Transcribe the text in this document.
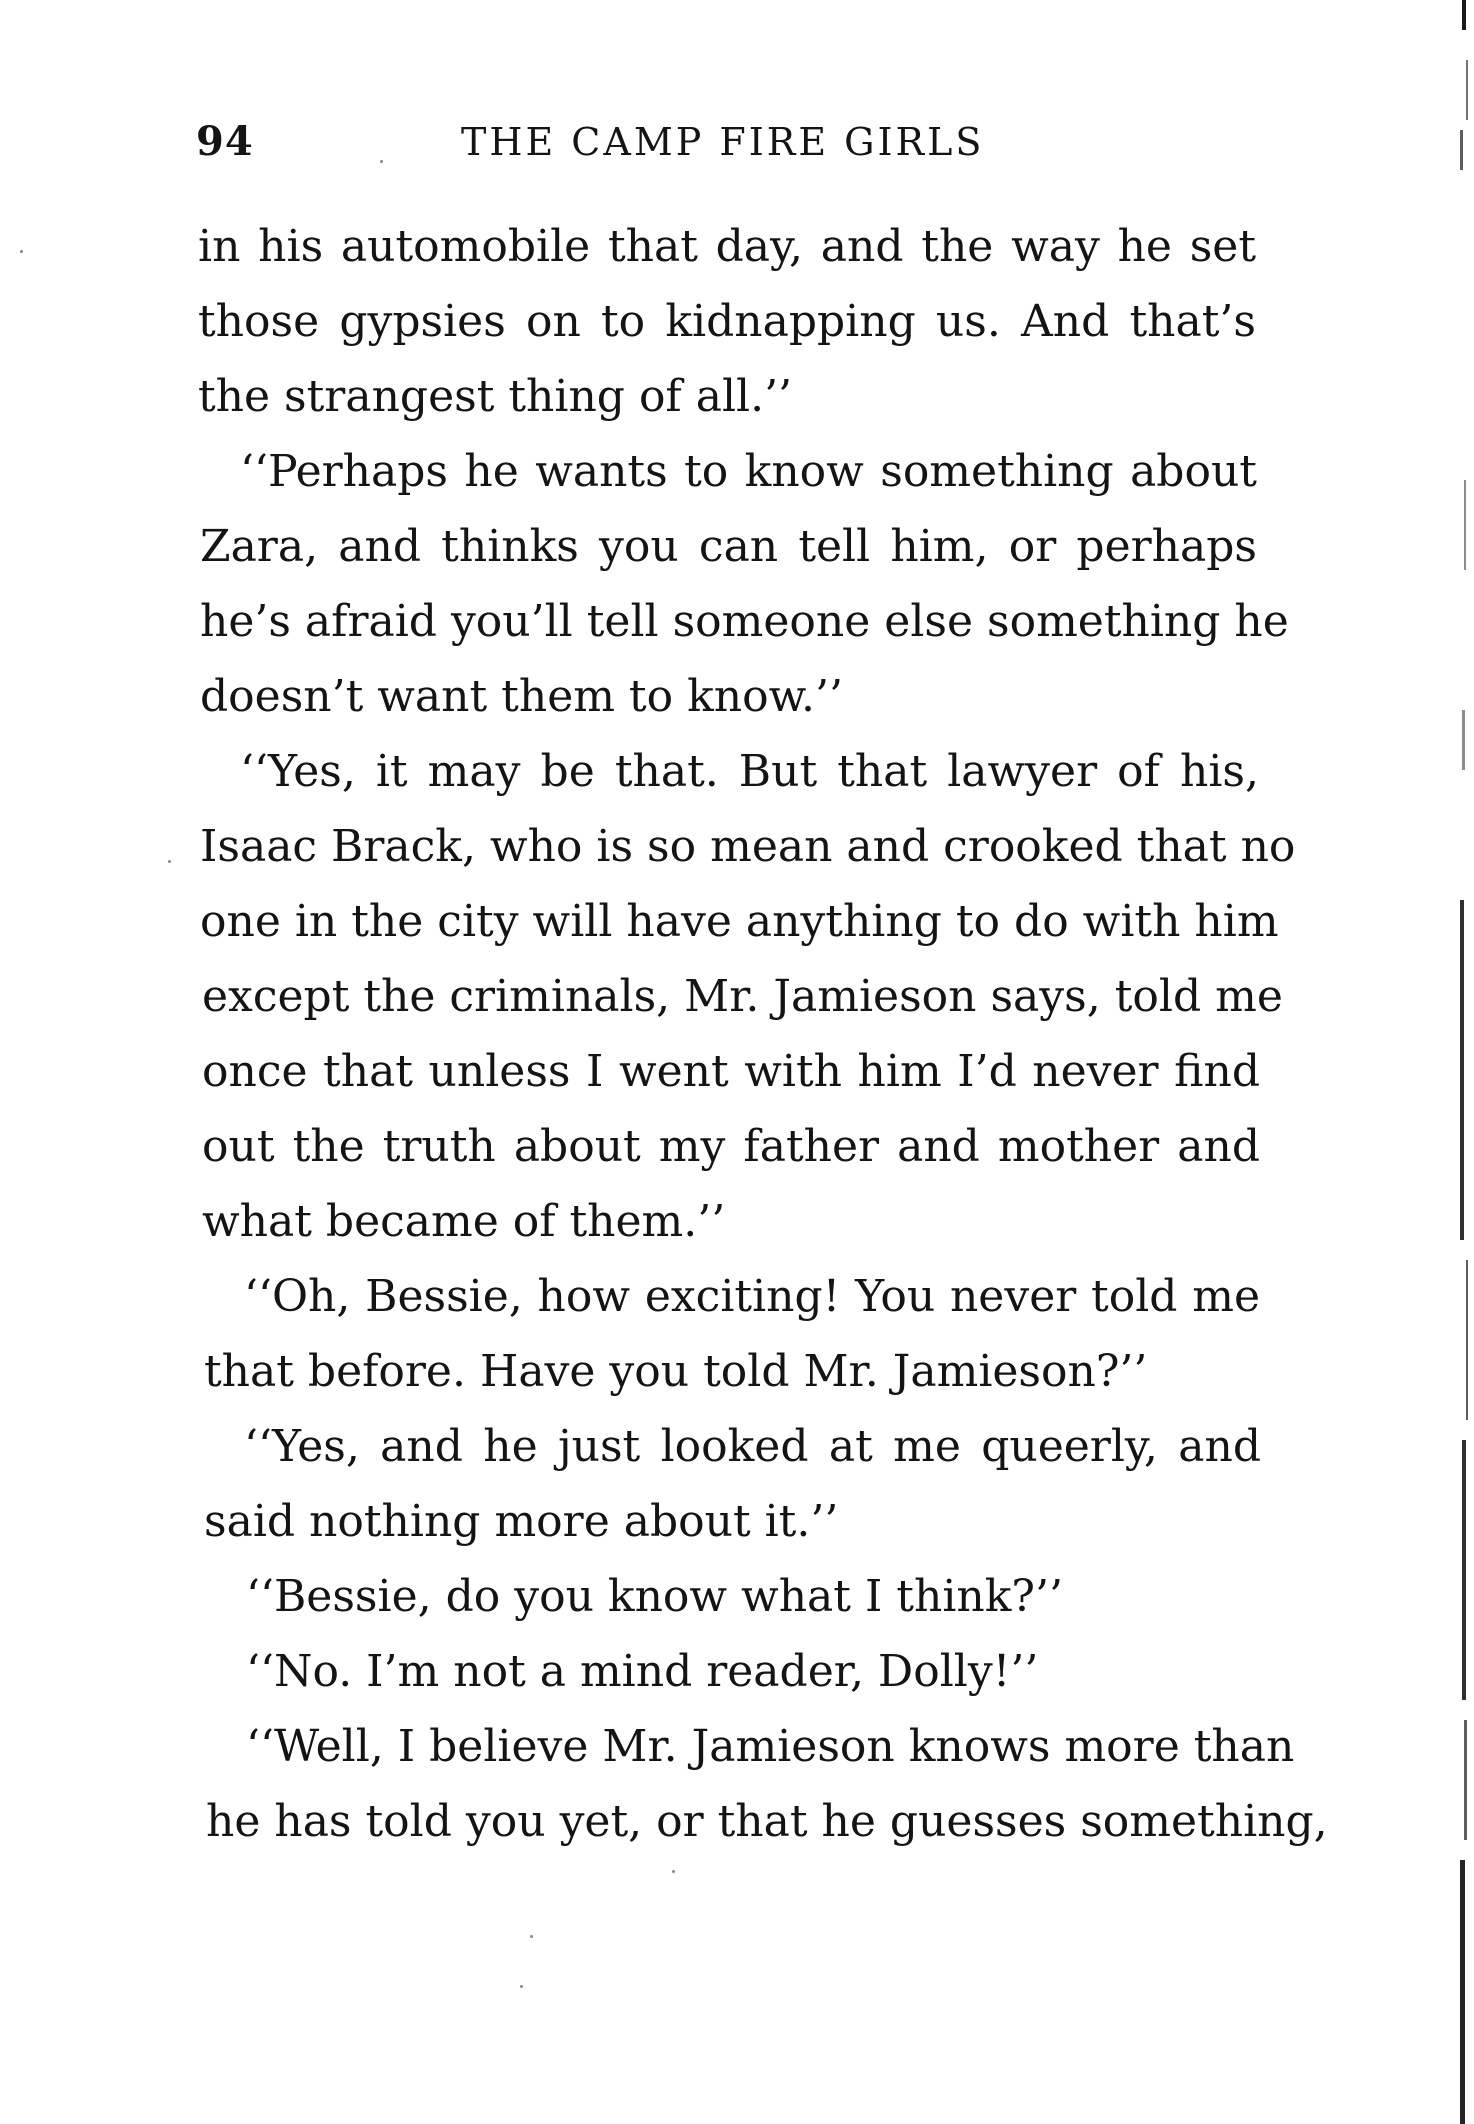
94	THE CAMP FIRE GIRLS
in his automobile that day, and the way he set
those gypsies on to kidnapping us. And that’s
the strangest thing of all.’’
‘‘Perhaps he wants to know something about
Zara, and thinks you can tell him, or perhaps
he’s afraid you’ll tell someone else something he
doesn’t want them to know.’’
‘‘Yes, it may be that. But that lawyer of his,
Isaac Brack, who is so mean and crooked that no
one in the city will have anything to do with him
except the criminals, Mr. Jamieson says, told me
once that unless I went with him I’d never find
out the truth about my father and mother and
what became of them.’’
‘‘Oh, Bessie, how exciting! You never told me
that before. Have you told Mr. Jamieson?’’
‘‘Yes, and he just looked at me queerly, and
said nothing more about it.’’
‘‘Bessie, do you know what I think?’’
‘‘No. I’m not a mind reader, Dolly!’’
‘‘Well, I believe Mr. Jamieson knows more than
he has told you yet, or that he guesses something,
